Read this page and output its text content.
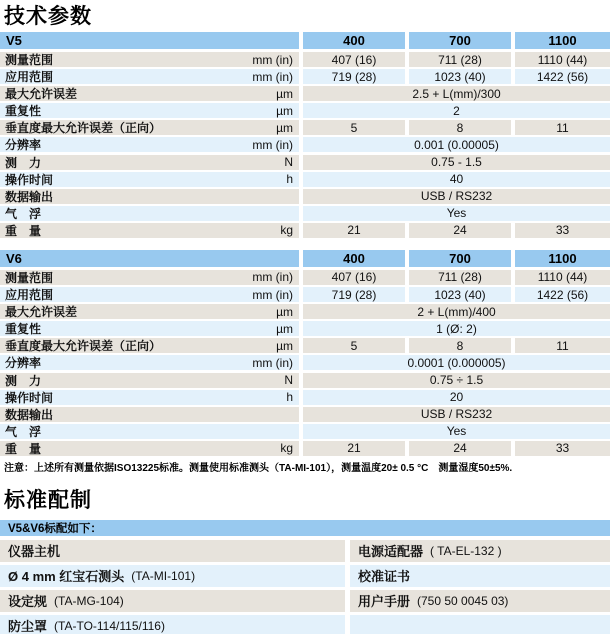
技术参数
V5	400	700	1100
测量范围	mm (in)	407 (16)	711 (28)	1110 (44)
应用范围	mm (in)	719 (28)	1023 (40)	1422 (56)
最大允许误差	µm	2.5 + L(mm)/300
重复性	µm	2
垂直度最大允许误差（正向）	µm	5	8	11
分辨率	mm (in)	0.001 (0.00005)
测　力	N	0.75 - 1.5
操作时间	h	40
数据输出	USB / RS232
气　浮	Yes
重　量	kg	21	24	33
V6	400	700	1100
测量范围	mm (in)	407 (16)	711 (28)	1110 (44)
应用范围	mm (in)	719 (28)	1023 (40)	1422 (56)
最大允许误差	µm	2 + L(mm)/400
重复性	µm	1 (Ø: 2)
垂直度最大允许误差（正向）	µm	5	8	11
分辨率	mm (in)	0.0001 (0.000005)
测　力	N	0.75 ÷ 1.5
操作时间	h	20
数据输出	USB / RS232
气　浮	Yes
重　量	kg	21	24	33
注意：上述所有测量依据ISO13225标准。测量使用标准测头（TA-MI-101），测量温度20± 0.5 °C　测量湿度50±5%.
标准配制
V5&V6标配如下：
仪器主机	电源适配器 ( TA-EL-132 )
Ø 4 mm 红宝石测头 (TA-MI-101)	校准证书
设定规 (TA-MG-104)	用户手册 (750 50 0045 03)
防尘罩 (TA-TO-114/115/116)
